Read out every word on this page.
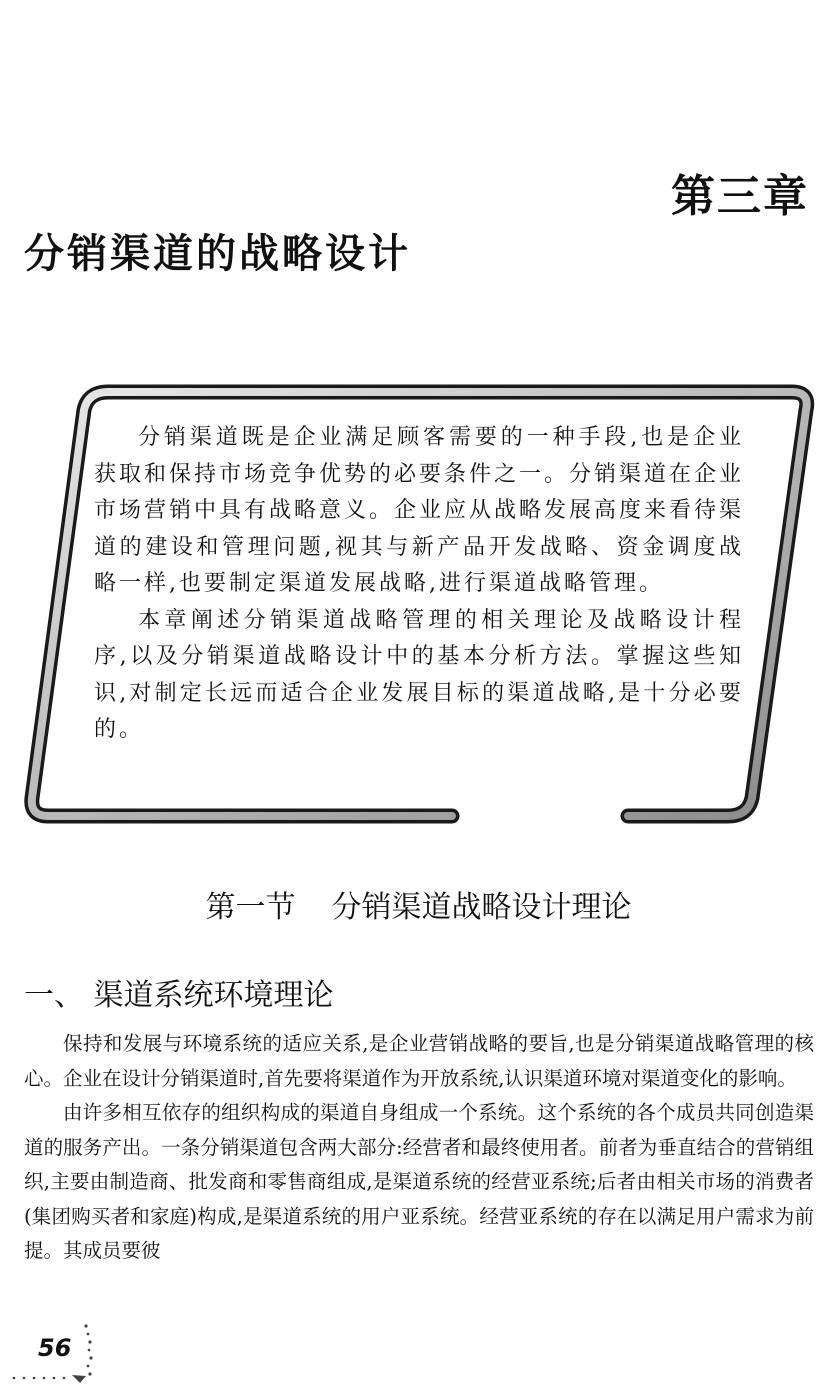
第三章
分销渠道的战略设计

分销渠道既是企业满足顾客需要的一种手段,也是企业获取和保持市场竞争优势的必要条件之一。分销渠道在企业市场营销中具有战略意义。企业应从战略发展高度来看待渠道的建设和管理问题,视其与新产品开发战略、资金调度战略一样,也要制定渠道发展战略,进行渠道战略管理。

本章阐述分销渠道战略管理的相关理论及战略设计程序,以及分销渠道战略设计中的基本分析方法。掌握这些知识,对制定长远而适合企业发展目标的渠道战略,是十分必要的。

第一节 分销渠道战略设计理论
一、 渠道系统环境理论

保持和发展与环境系统的适应关系,是企业营销战略的要旨,也是分销渠道战略管理的核心。企业在设计分销渠道时,首先要将渠道作为开放系统,认识渠道环境对渠道变化的影响。

由许多相互依存的组织构成的渠道自身组成一个系统。这个系统的各个成员共同创造渠道的服务产出。一条分销渠道包含两大部分:经营者和最终使用者。前者为垂直结合的营销组织,主要由制造商、批发商和零售商组成,是渠道系统的经营亚系统;后者由相关市场的消费者(集团购买者和家庭)构成,是渠道系统的用户亚系统。经营亚系统的存在以满足用户需求为前提。其成员要彼

56
